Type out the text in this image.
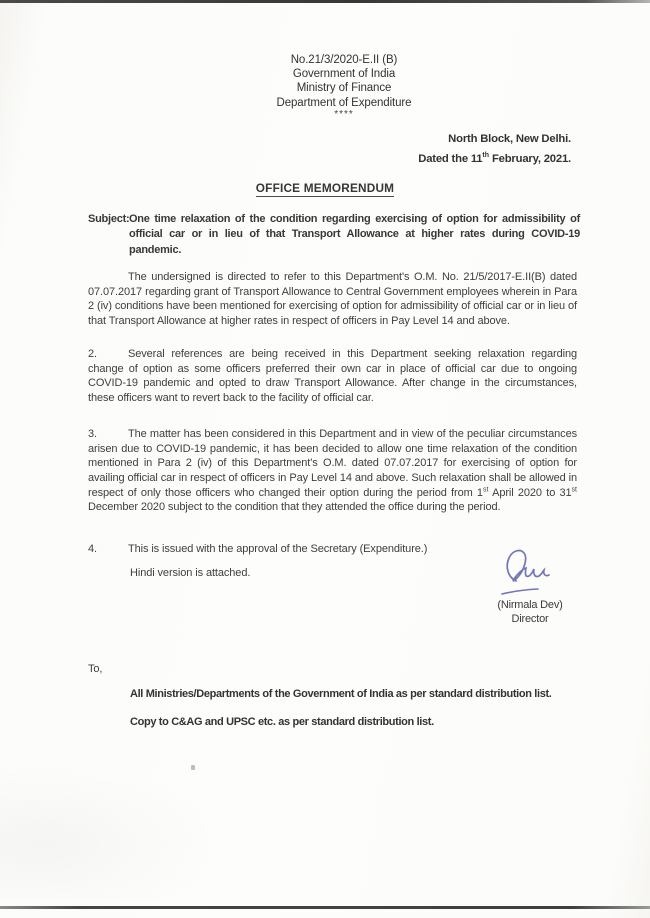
No.21/3/2020-E.II (B)
Government of India
Ministry of Finance
Department of Expenditure
****
North Block, New Delhi.
Dated the 11th February, 2021.
OFFICE MEMORENDUM
Subject: One time relaxation of the condition regarding exercising of option for admissibility of official car or in lieu of that Transport Allowance at higher rates during COVID-19 pandemic.
The undersigned is directed to refer to this Department's O.M. No. 21/5/2017-E.II(B) dated 07.07.2017 regarding grant of Transport Allowance to Central Government employees wherein in Para 2 (iv) conditions have been mentioned for exercising of option for admissibility of official car or in lieu of that Transport Allowance at higher rates in respect of officers in Pay Level 14 and above.
2.	Several references are being received in this Department seeking relaxation regarding change of option as some officers preferred their own car in place of official car due to ongoing COVID-19 pandemic and opted to draw Transport Allowance. After change in the circumstances, these officers want to revert back to the facility of official car.
3.	The matter has been considered in this Department and in view of the peculiar circumstances arisen due to COVID-19 pandemic, it has been decided to allow one time relaxation of the condition mentioned in Para 2 (iv) of this Department's O.M. dated 07.07.2017 for exercising of option for availing official car in respect of officers in Pay Level 14 and above. Such relaxation shall be allowed in respect of only those officers who changed their option during the period from 1st April 2020 to 31st December 2020 subject to the condition that they attended the office during the period.
4.	This is issued with the approval of the Secretary (Expenditure.)
Hindi version is attached.
(Nirmala Dev)
Director
To,
All Ministries/Departments of the Government of India as per standard distribution list.
Copy to C&AG and UPSC etc. as per standard distribution list.
